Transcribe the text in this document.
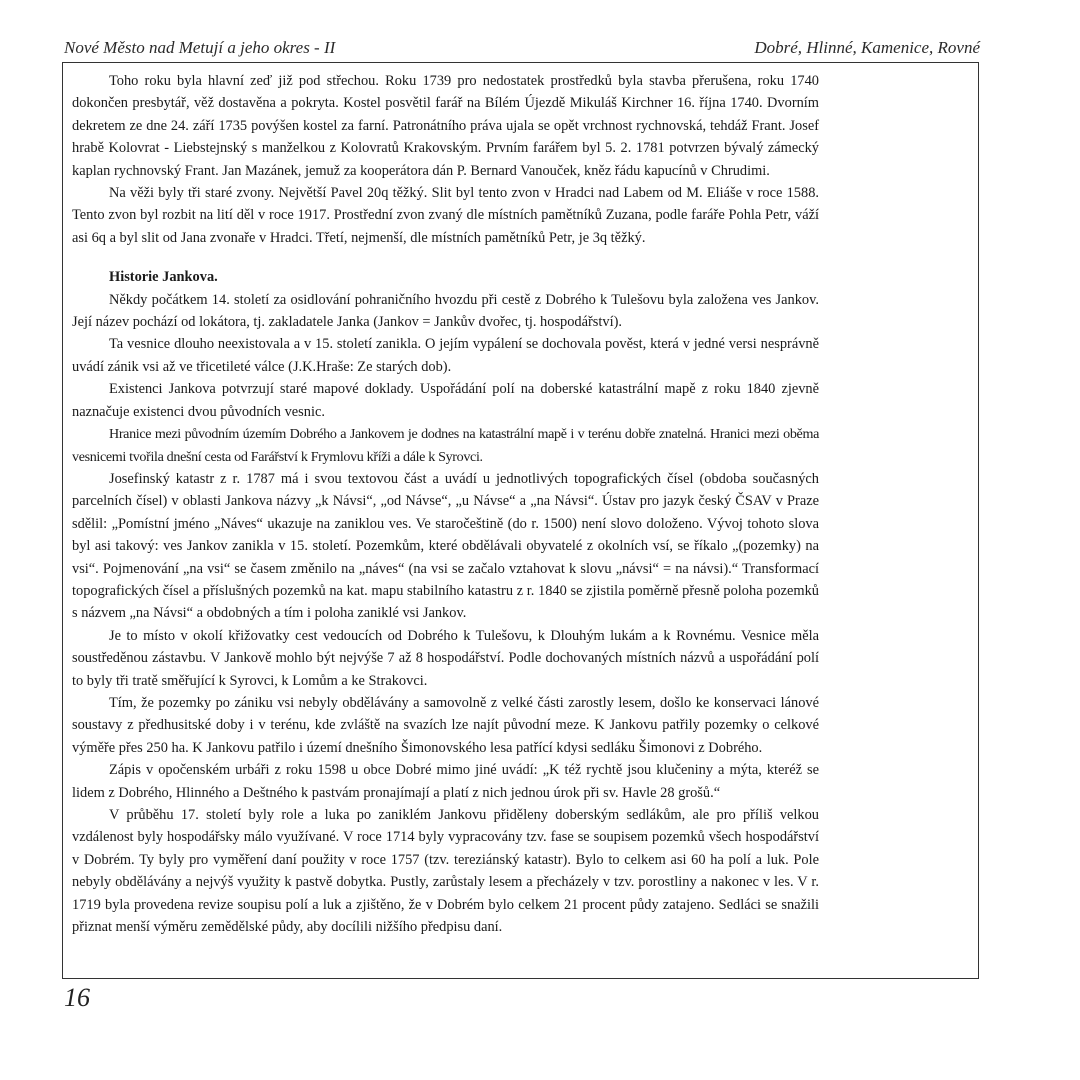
Nové Město nad Metují a jeho okres - II	Dobré, Hlinné, Kamenice, Rovné

Toho roku byla hlavní zeď již pod střechou. Roku 1739 pro nedostatek prostředků byla stavba přerušena, roku 1740 dokončen presbytář, věž dostavěna a pokryta. Kostel posvětil farář na Bílém Újezdě Mikuláš Kirchner 16. října 1740. Dvorním dekretem ze dne 24. září 1735 povýšen kostel za farní. Patronátního práva ujala se opět vrchnost rychnovská, tehdáž Frant. Josef hrabě Kolovrat - Liebstejnský s manželkou z Kolovratů Krakovským. Prvním farářem byl 5. 2. 1781 potvrzen bývalý zámecký kaplan rychnovský Frant. Jan Mazánek, jemuž za kooperátora dán P. Bernard Vanouček, kněz řádu kapucínů v Chrudimi.

Na věži byly tři staré zvony. Největší Pavel 20q těžký. Slit byl tento zvon v Hradci nad Labem od M. Eliáše v roce 1588. Tento zvon byl rozbit na lití děl v roce 1917. Prostřední zvon zvaný dle místních pamětníků Zuzana, podle faráře Pohla Petr, váží asi 6q a byl slit od Jana zvonaře v Hradci. Třetí, nejmenší, dle místních pamětníků Petr, je 3q těžký.

Historie Jankova.

Někdy počátkem 14. století za osidlování pohraničního hvozdu při cestě z Dobrého k Tulešovu byla založena ves Jankov. Její název pochází od lokátora, tj. zakladatele Janka (Jankov = Jankův dvořec, tj. hospodářství).

Ta vesnice dlouho neexistovala a v 15. století zanikla. O jejím vypálení se dochovala pověst, která v jedné versi nesprávně uvádí zánik vsi až ve třicetileté válce (J.K.Hraše: Ze starých dob).

Existenci Jankova potvrzují staré mapové doklady. Uspořádání polí na doberské katastrální mapě z roku 1840 zjevně naznačuje existenci dvou původních vesnic.

Hranice mezi původním územím Dobrého a Jankovem je dodnes na katastrální mapě i v terénu dobře znatelná. Hranici mezi oběma vesnicemi tvořila dnešní cesta od Farářství k Frymlovu kříži a dále k Syrovci.

Josefinský katastr z r. 1787 má i svou textovou část a uvádí u jednotlivých topografických čísel (obdoba současných parcelních čísel) v oblasti Jankova názvy „k Návsi“, „od Návse“, „u Návse“ a „na Návsi“. Ústav pro jazyk český ČSAV v Praze sdělil: „Pomístní jméno „Náves“ ukazuje na zaniklou ves. Ve staročeštině (do r. 1500) není slovo doloženo. Vývoj tohoto slova byl asi takový: ves Jankov zanikla v 15. století. Pozemkům, které obdělávali obyvatelé z okolních vsí, se říkalo „(pozemky) na vsi“. Pojmenování „na vsi“ se časem změnilo na „náves“ (na vsi se začalo vztahovat k slovu „návsi“ = na návsi).“ Transformací topografických čísel a příslušných pozemků na kat. mapu stabilního katastru z r. 1840 se zjistila poměrně přesně poloha pozemků s názvem „na Návsi“ a obdobných a tím i poloha zaniklé vsi Jankov.

Je to místo v okolí křižovatky cest vedoucích od Dobrého k Tulešovu, k Dlouhým lukám a k Rovnému. Vesnice měla soustředěnou zástavbu. V Jankově mohlo být nejvýše 7 až 8 hospodářství. Podle dochovaných místních názvů a uspořádání polí to byly tři tratě směřující k Syrovci, k Lomům a ke Strakovci.

Tím, že pozemky po zániku vsi nebyly obdělávány a samovolně z velké části zarostly lesem, došlo ke konservaci lánové soustavy z předhusitské doby i v terénu, kde zvláště na svazích lze najít původní meze. K Jankovu patřily pozemky o celkové výměře přes 250 ha. K Jankovu patřilo i území dnešního Šimonovského lesa patřící kdysi sedláku Šimonovi z Dobrého.

Zápis v opočenském urbáři z roku 1598 u obce Dobré mimo jiné uvádí: „K též rychtě jsou klučeniny a mýta, kteréž se lidem z Dobrého, Hlinného a Deštného k pastvám pronajímají a platí z nich jednou úrok při sv. Havle 28 grošů.“

V průběhu 17. století byly role a luka po zaniklém Jankovu přiděleny doberským sedlákům, ale pro příliš velkou vzdálenost byly hospodářsky málo využívané. V roce 1714 byly vypracovány tzv. fase se soupisem pozemků všech hospodářství v Dobrém. Ty byly pro vyměření daní použity v roce 1757 (tzv. tereziánský katastr). Bylo to celkem asi 60 ha polí a luk. Pole nebyly obdělávány a nejvýš využity k pastvě dobytka. Pustly, zarůstaly lesem a přecházely v tzv. porostliny a nakonec v les. V r. 1719 byla provedena revize soupisu polí a luk a zjištěno, že v Dobrém bylo celkem 21 procent půdy zatajeno. Sedláci se snažili přiznat menší výměru zemědělské půdy, aby docílili nižšího předpisu daní.

16
